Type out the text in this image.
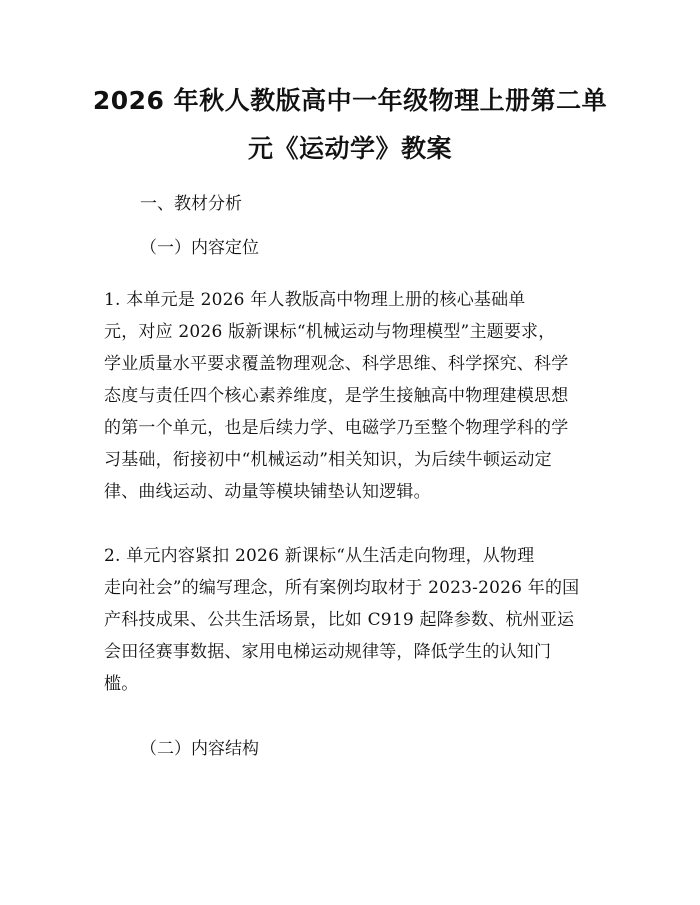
2026 年秋人教版高中一年级物理上册第二单
元《运动学》教案
一、教材分析
（一）内容定位
1. 本单元是 2026 年人教版高中物理上册的核心基础单
元，对应 2026 版新课标“机械运动与物理模型”主题要求，
学业质量水平要求覆盖物理观念、科学思维、科学探究、科学
态度与责任四个核心素养维度，是学生接触高中物理建模思想
的第一个单元，也是后续力学、电磁学乃至整个物理学科的学
习基础，衔接初中“机械运动”相关知识，为后续牛顿运动定
律、曲线运动、动量等模块铺垫认知逻辑。
2. 单元内容紧扣 2026 新课标“从生活走向物理，从物理
走向社会”的编写理念，所有案例均取材于 2023-2026 年的国
产科技成果、公共生活场景，比如 C919 起降参数、杭州亚运
会田径赛事数据、家用电梯运动规律等，降低学生的认知门
槛。
（二）内容结构
